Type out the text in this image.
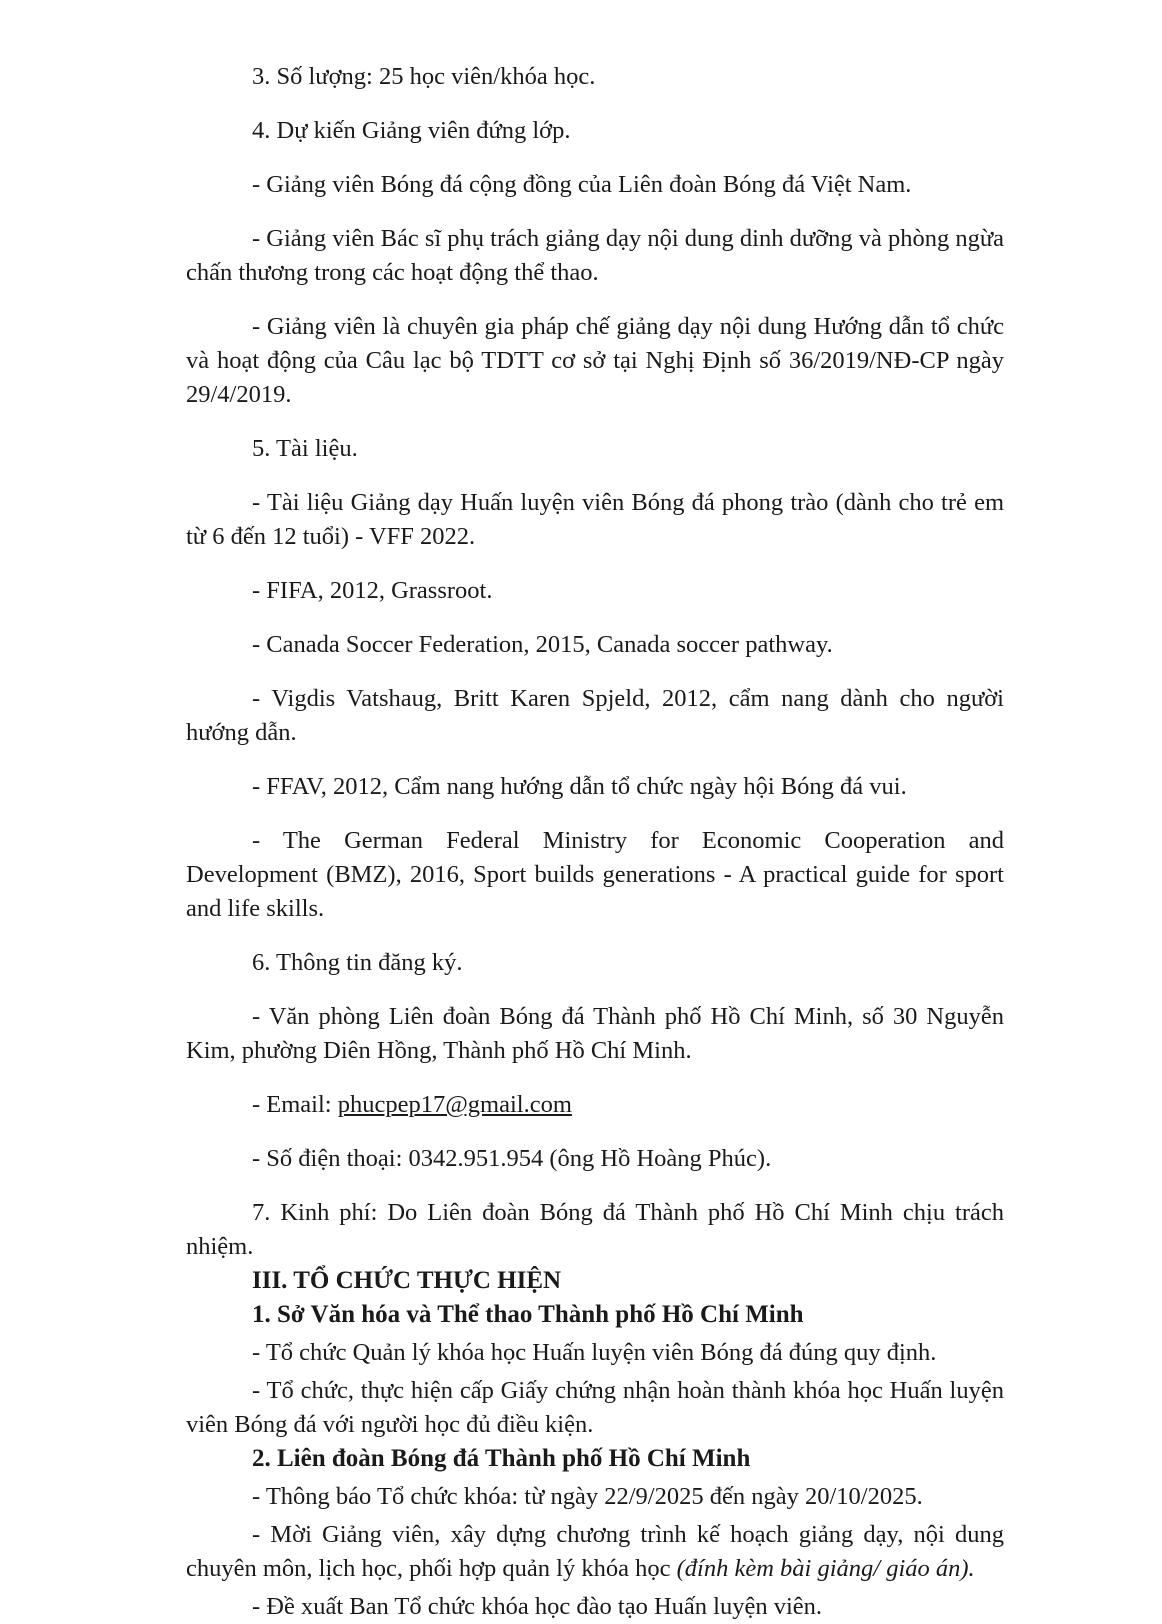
3. Số lượng: 25 học viên/khóa học.

4. Dự kiến Giảng viên đứng lớp.

- Giảng viên Bóng đá cộng đồng của Liên đoàn Bóng đá Việt Nam.

- Giảng viên Bác sĩ phụ trách giảng dạy nội dung dinh dưỡng và phòng ngừa chấn thương trong các hoạt động thể thao.

- Giảng viên là chuyên gia pháp chế giảng dạy nội dung Hướng dẫn tổ chức và hoạt động của Câu lạc bộ TDTT cơ sở tại Nghị Định số 36/2019/NĐ-CP ngày 29/4/2019.

5. Tài liệu.

- Tài liệu Giảng dạy Huấn luyện viên Bóng đá phong trào (dành cho trẻ em từ 6 đến 12 tuổi) - VFF 2022.

- FIFA, 2012, Grassroot.

- Canada Soccer Federation, 2015, Canada soccer pathway.

- Vigdis Vatshaug, Britt Karen Spjeld, 2012, cẩm nang dành cho người hướng dẫn.

- FFAV, 2012, Cẩm nang hướng dẫn tổ chức ngày hội Bóng đá vui.

- The German Federal Ministry for Economic Cooperation and Development (BMZ), 2016, Sport builds generations - A practical guide for sport and life skills.

6. Thông tin đăng ký.

- Văn phòng Liên đoàn Bóng đá Thành phố Hồ Chí Minh, số 30 Nguyễn Kim, phường Diên Hồng, Thành phố Hồ Chí Minh.

- Email: phucpep17@gmail.com

- Số điện thoại: 0342.951.954 (ông Hồ Hoàng Phúc).

7. Kinh phí: Do Liên đoàn Bóng đá Thành phố Hồ Chí Minh chịu trách nhiệm.

III. TỔ CHỨC THỰC HIỆN

1. Sở Văn hóa và Thể thao Thành phố Hồ Chí Minh

- Tổ chức Quản lý khóa học Huấn luyện viên Bóng đá đúng quy định.

- Tổ chức, thực hiện cấp Giấy chứng nhận hoàn thành khóa học Huấn luyện viên Bóng đá với người học đủ điều kiện.

2. Liên đoàn Bóng đá Thành phố Hồ Chí Minh

- Thông báo Tổ chức khóa: từ ngày 22/9/2025 đến ngày 20/10/2025.

- Mời Giảng viên, xây dựng chương trình kế hoạch giảng dạy, nội dung chuyên môn, lịch học, phối hợp quản lý khóa học (đính kèm bài giảng/ giáo án).

- Đề xuất Ban Tổ chức khóa học đào tạo Huấn luyện viên.
